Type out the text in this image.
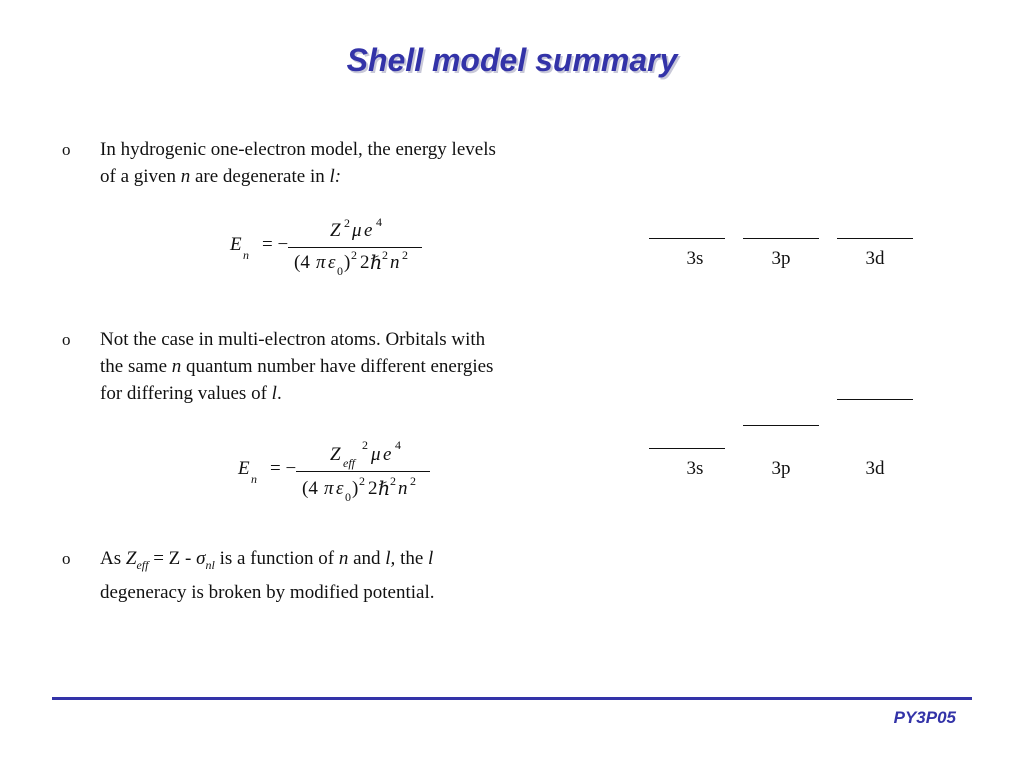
Shell model summary
o In hydrogenic one-electron model, the energy levels
of a given n are degenerate in l:
E n = −
Z 2 μ e 4
(4 π ε 0 ) 2 2 ℏ 2 n 2
o Not the case in multi-electron atoms. Orbitals with
the same n quantum number have different energies
for differing values of l.
E n = −
Z eff
2 μ e 4
(4 π ε 0 ) 2 2 ℏ 2 n 2
o As $Z_{eff} = Z - \sigma_{nl}$ is a function of n and l, the l
degeneracy is broken by modified potential.
3s	3p	3d
3s	3p	3d
PY3P05
